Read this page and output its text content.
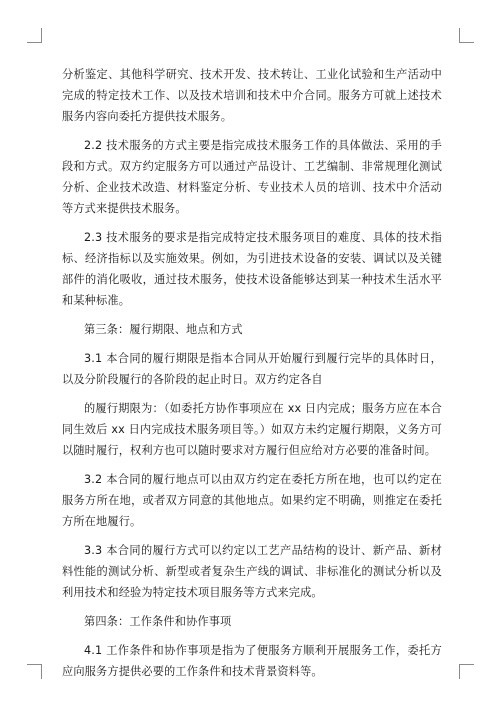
分析鉴定、其他科学研究、技术开发、技术转让、工业化试验和生产活动中完成的特定技术工作、以及技术培训和技术中介合同。服务方可就上述技术服务内容向委托方提供技术服务。

2.2 技术服务的方式主要是指完成技术服务工作的具体做法、采用的手段和方式。双方约定服务方可以通过产品设计、工艺编制、非常规理化测试分析、企业技术改造、材料鉴定分析、专业技术人员的培训、技术中介活动等方式来提供技术服务。

2.3 技术服务的要求是指完成特定技术服务项目的难度、具体的技术指标、经济指标以及实施效果。例如，为引进技术设备的安装、调试以及关键部件的消化吸收，通过技术服务，使技术设备能够达到某一种技术生活水平和某种标准。

第三条：履行期限、地点和方式

3.1 本合同的履行期限是指本合同从开始履行到履行完毕的具体时日，以及分阶段履行的各阶段的起止时日。双方约定各自

的履行期限为：（如委托方协作事项应在 xx 日内完成；服务方应在本合同生效后 xx 日内完成技术服务项目等。）如双方未约定履行期限，义务方可以随时履行，权利方也可以随时要求对方履行但应给对方必要的准备时间。

3.2 本合同的履行地点可以由双方约定在委托方所在地，也可以约定在服务方所在地，或者双方同意的其他地点。如果约定不明确，则推定在委托方所在地履行。

3.3 本合同的履行方式可以约定以工艺产品结构的设计、新产品、新材料性能的测试分析、新型或者复杂生产线的调试、非标准化的测试分析以及利用技术和经验为特定技术项目服务等方式来完成。

第四条：工作条件和协作事项

4.1 工作条件和协作事项是指为了便服务方顺利开展服务工作，委托方应向服务方提供必要的工作条件和技术背景资料等。
